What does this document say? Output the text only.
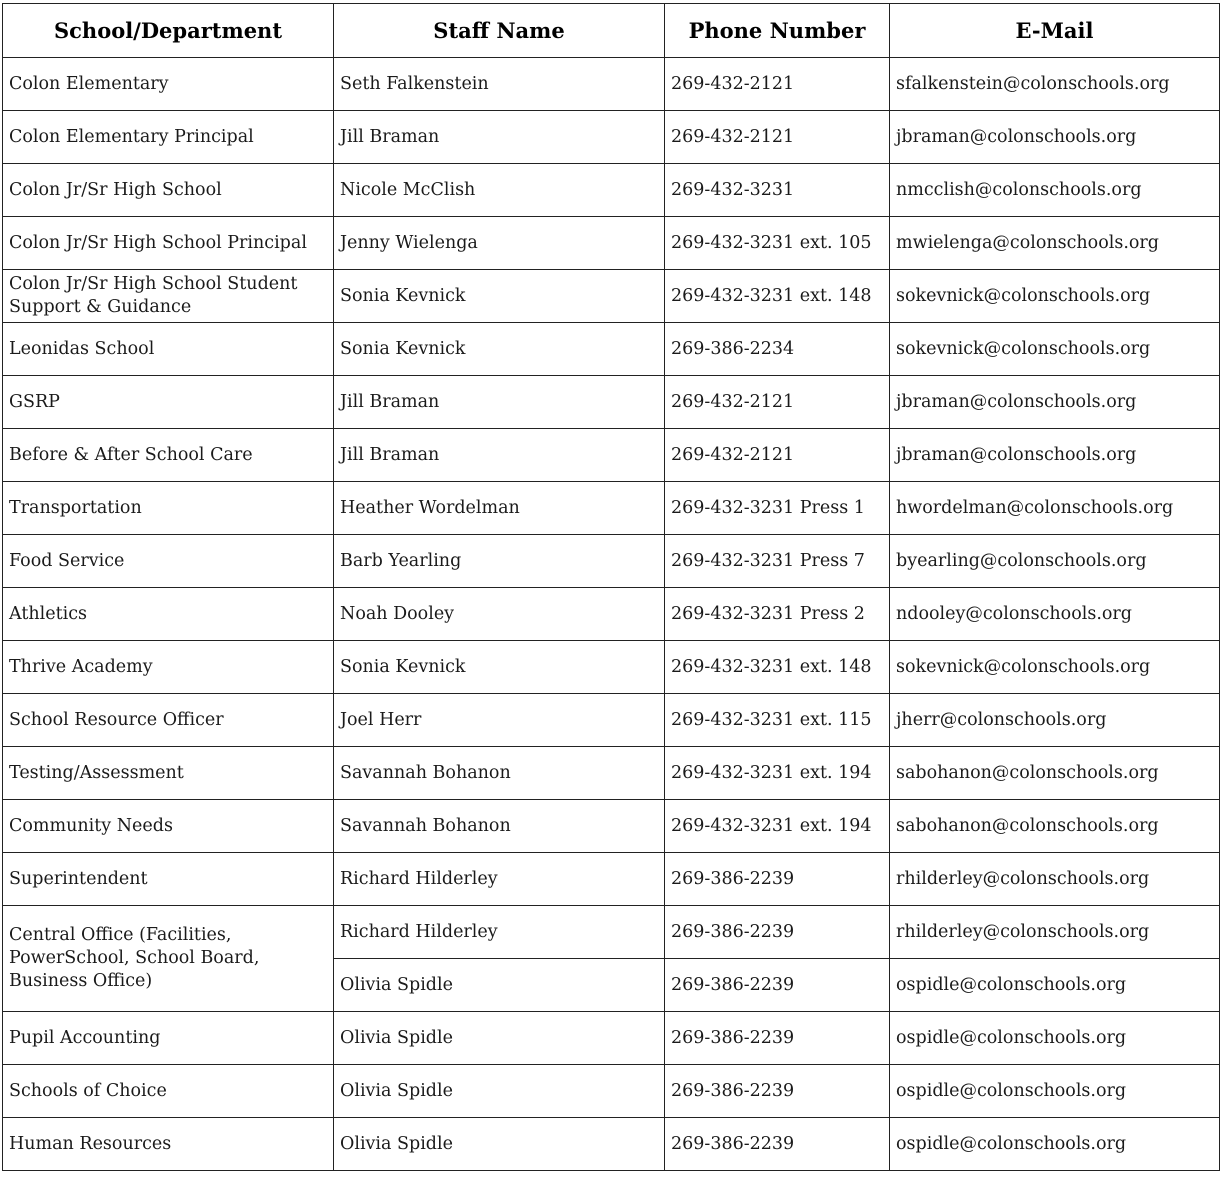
School/Department	Staff Name	Phone Number	E-Mail
Colon Elementary	Seth Falkenstein	269-432-2121	sfalkenstein@colonschools.org
Colon Elementary Principal	Jill Braman	269-432-2121	jbraman@colonschools.org
Colon Jr/Sr High School	Nicole McClish	269-432-3231	nmcclish@colonschools.org
Colon Jr/Sr High School Principal	Jenny Wielenga	269-432-3231 ext. 105	mwielenga@colonschools.org
Colon Jr/Sr High School Student Support & Guidance	Sonia Kevnick	269-432-3231 ext. 148	sokevnick@colonschools.org
Leonidas School	Sonia Kevnick	269-386-2234	sokevnick@colonschools.org
GSRP	Jill Braman	269-432-2121	jbraman@colonschools.org
Before & After School Care	Jill Braman	269-432-2121	jbraman@colonschools.org
Transportation	Heather Wordelman	269-432-3231 Press 1	hwordelman@colonschools.org
Food Service	Barb Yearling	269-432-3231 Press 7	byearling@colonschools.org
Athletics	Noah Dooley	269-432-3231 Press 2	ndooley@colonschools.org
Thrive Academy	Sonia Kevnick	269-432-3231 ext. 148	sokevnick@colonschools.org
School Resource Officer	Joel Herr	269-432-3231 ext. 115	jherr@colonschools.org
Testing/Assessment	Savannah Bohanon	269-432-3231 ext. 194	sabohanon@colonschools.org
Community Needs	Savannah Bohanon	269-432-3231 ext. 194	sabohanon@colonschools.org
Superintendent	Richard Hilderley	269-386-2239	rhilderley@colonschools.org
Central Office (Facilities, PowerSchool, School Board, Business Office)	Richard Hilderley	269-386-2239	rhilderley@colonschools.org
	Olivia Spidle	269-386-2239	ospidle@colonschools.org
Pupil Accounting	Olivia Spidle	269-386-2239	ospidle@colonschools.org
Schools of Choice	Olivia Spidle	269-386-2239	ospidle@colonschools.org
Human Resources	Olivia Spidle	269-386-2239	ospidle@colonschools.org
